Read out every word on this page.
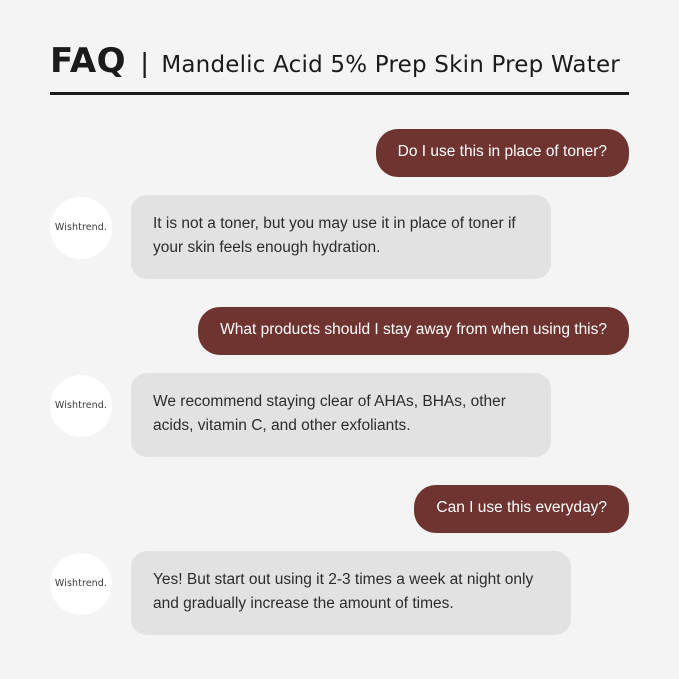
FAQ | Mandelic Acid 5% Prep Skin Prep Water
Do I use this in place of toner?
Wishtrend.	It is not a toner, but you may use it in place of toner if your skin feels enough hydration.
What products should I stay away from when using this?
Wishtrend.	We recommend staying clear of AHAs, BHAs, other acids, vitamin C, and other exfoliants.
Can I use this everyday?
Wishtrend.	Yes! But start out using it 2-3 times a week at night only and gradually increase the amount of times.
